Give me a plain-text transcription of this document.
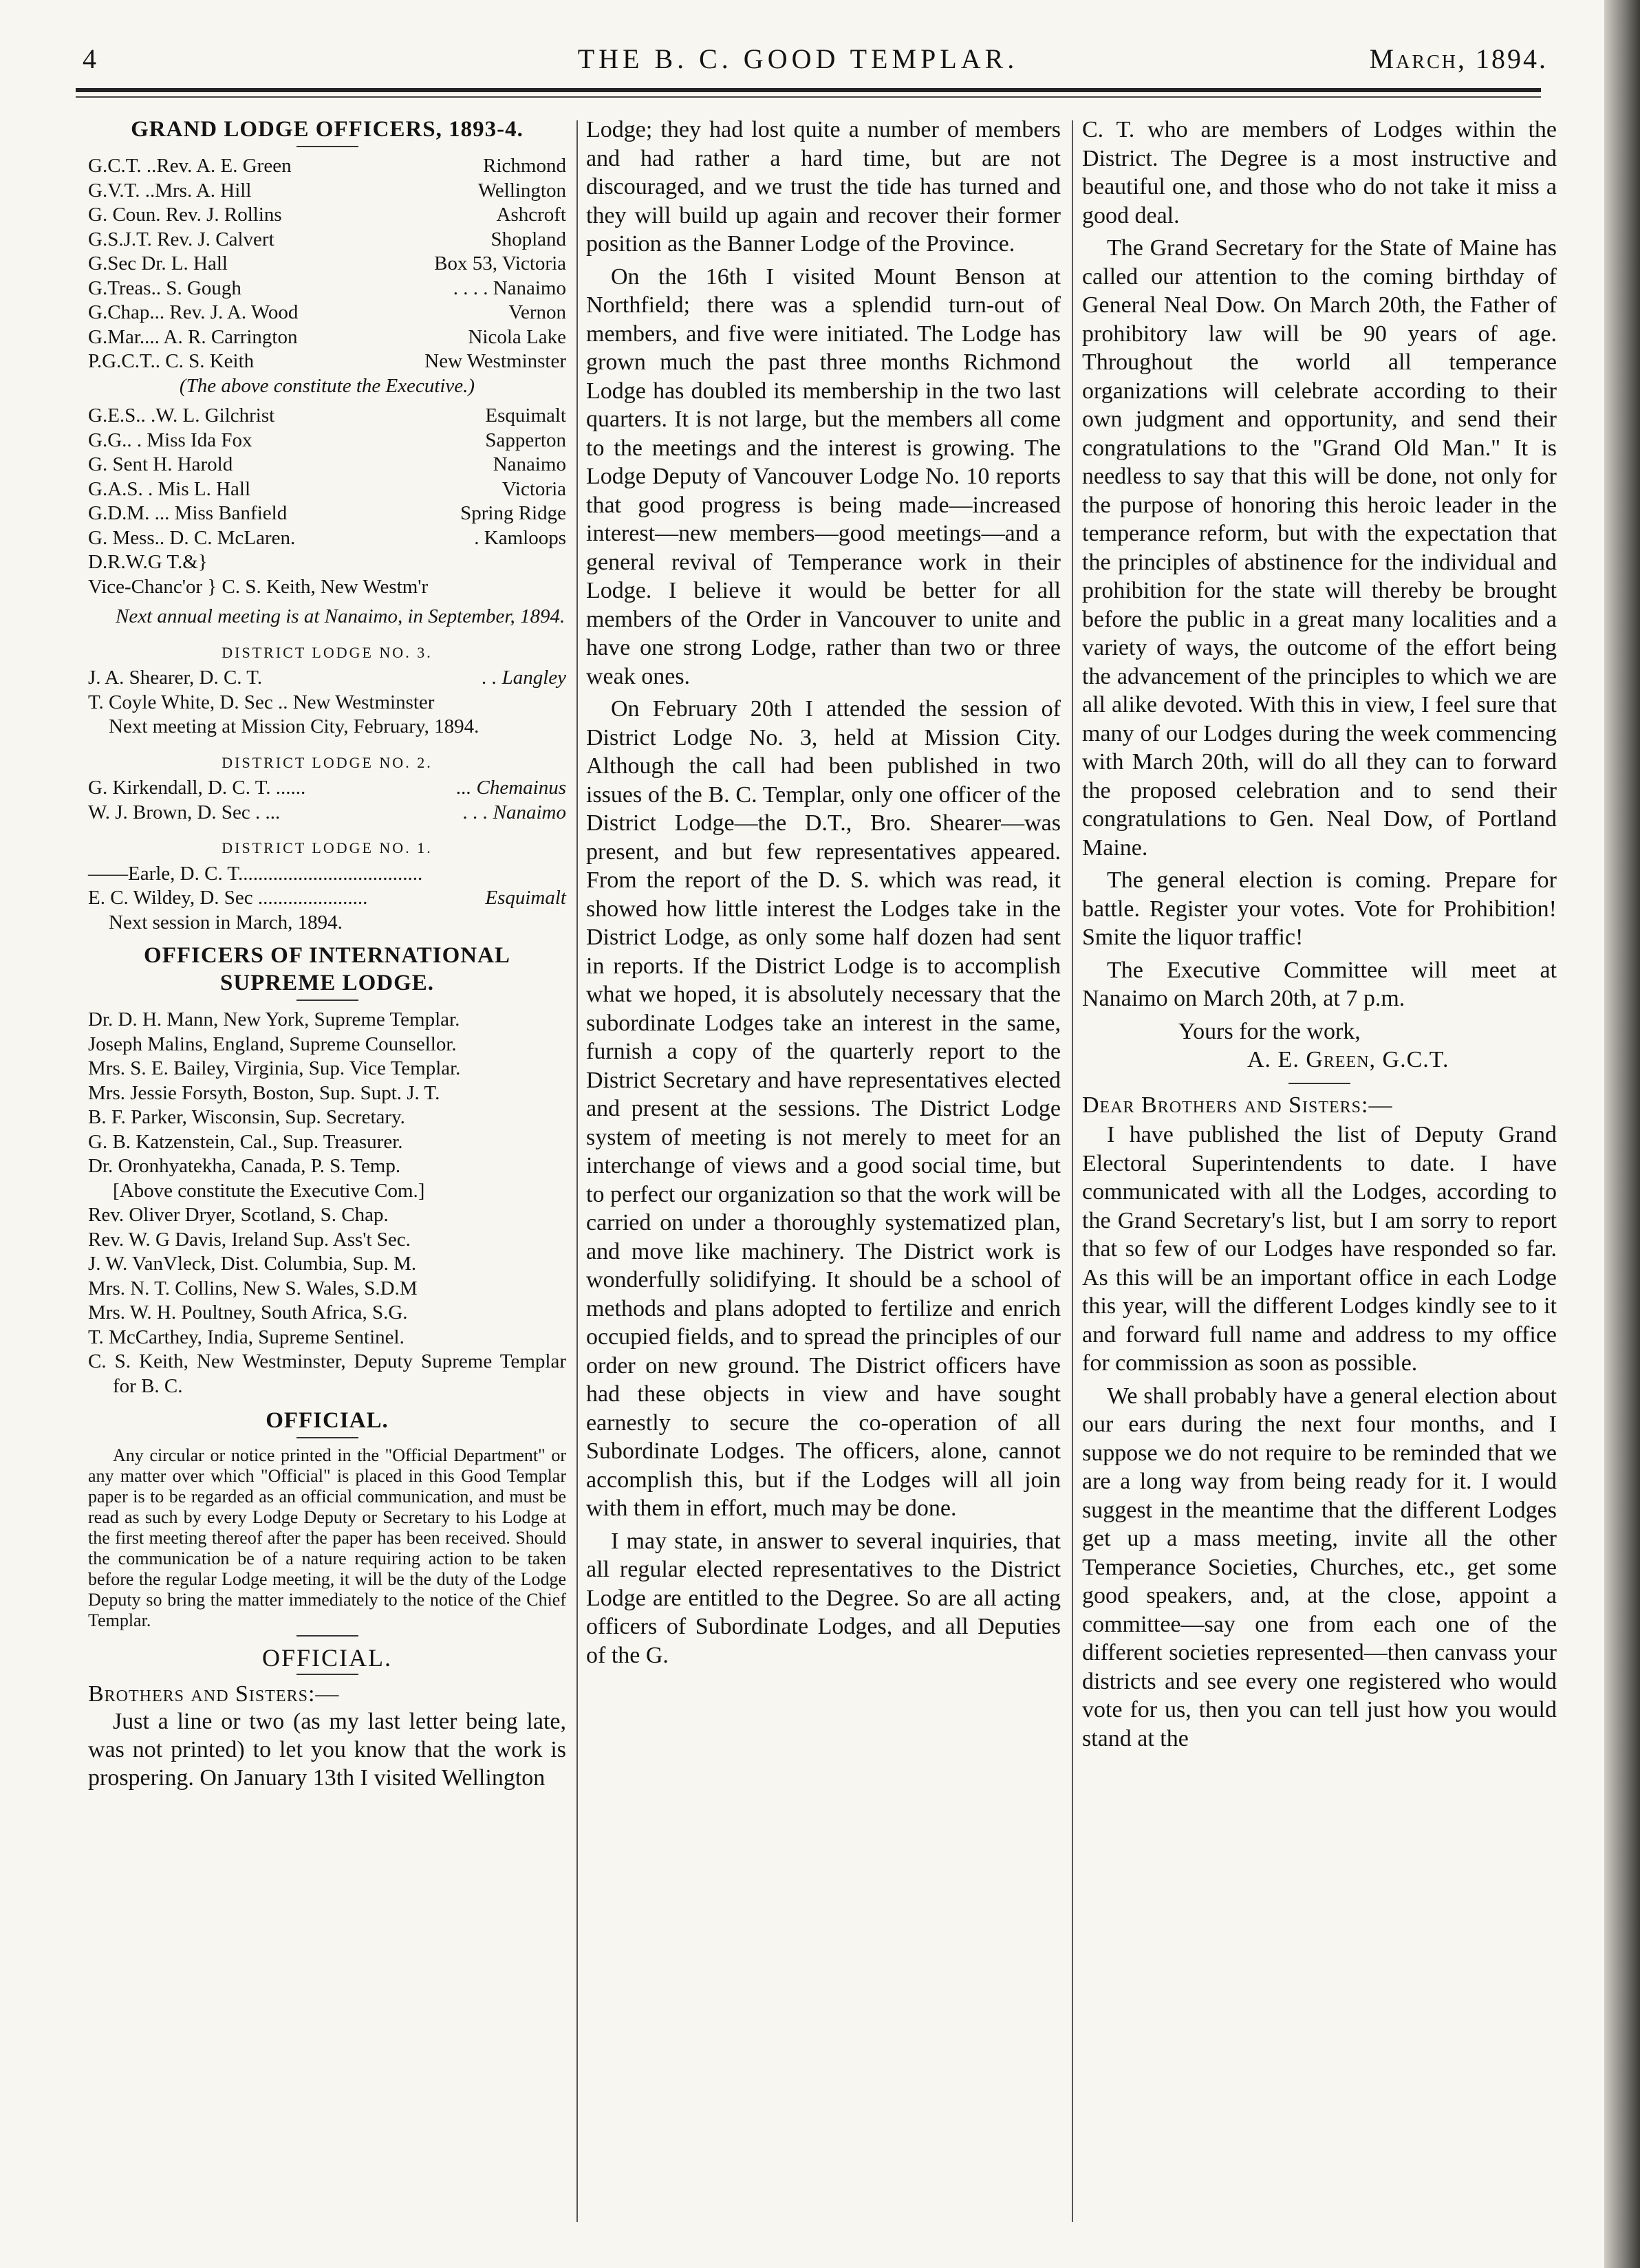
4	THE B. C. GOOD TEMPLAR.	March, 1894.

GRAND LODGE OFFICERS, 1893-4.

G.C.T. ..Rev. A. E. Green	Richmond

G.V.T. ..Mrs. A. Hill	Wellington

G. Coun. Rev. J. Rollins	Ashcroft

G.S.J.T. Rev. J. Calvert	Shopland

G.Sec Dr. L. Hall	Box 53, Victoria

G.Treas.. S. Gough	. . . . Nanaimo

G.Chap... Rev. J. A. Wood	Vernon

G.Mar.... A. R. Carrington	Nicola Lake

P.G.C.T.. C. S. Keith	New Westminster

(The above constitute the Executive.)

G.E.S.. .W. L. Gilchrist	Esquimalt

G.G.. . Miss Ida Fox	Sapperton

G. Sent H. Harold	Nanaimo

G.A.S. . Mis L. Hall	Victoria

G.D.M. ... Miss Banfield	Spring Ridge

G. Mess.. D. C. McLaren.	. Kamloops

D.R.W.G T.&}

Vice-Chanc'or } C. S. Keith, New Westm'r

Next annual meeting is at Nanaimo, in September, 1894.

DISTRICT LODGE NO. 3.

J. A. Shearer, D. C. T.	. . Langley

T. Coyle White, D. Sec .. New Westminster

Next meeting at Mission City, February, 1894.

DISTRICT LODGE NO. 2.

G. Kirkendall, D. C. T. ......	... Chemainus

W. J. Brown, D. Sec . ...	. . . Nanaimo

DISTRICT LODGE NO. 1.

——Earle, D. C. T.....................................

E. C. Wildey, D. Sec ......................	Esquimalt

Next session in March, 1894.

OFFICERS OF INTERNATIONAL

SUPREME LODGE.

Dr. D. H. Mann, New York, Supreme Templar.

Joseph Malins, England, Supreme Counsellor.

Mrs. S. E. Bailey, Virginia, Sup. Vice Templar.

Mrs. Jessie Forsyth, Boston, Sup. Supt. J. T.

B. F. Parker, Wisconsin, Sup. Secretary.

G. B. Katzenstein, Cal., Sup. Treasurer.

Dr. Oronhyatekha, Canada, P. S. Temp.

[Above constitute the Executive Com.]

Rev. Oliver Dryer, Scotland, S. Chap.

Rev. W. G Davis, Ireland Sup. Ass't Sec.

J. W. VanVleck, Dist. Columbia, Sup. M.

Mrs. N. T. Collins, New S. Wales, S.D.M

Mrs. W. H. Poultney, South Africa, S.G.

T. McCarthey, India, Supreme Sentinel.

C. S. Keith, New Westminster, Deputy Supreme Templar for B. C.

OFFICIAL.

Any circular or notice printed in the "Official Department" or any matter over which "Official" is placed in this Good Templar paper is to be regarded as an official communication, and must be read as such by every Lodge Deputy or Secretary to his Lodge at the first meeting thereof after the paper has been received. Should the communication be of a nature requiring action to be taken before the regular Lodge meeting, it will be the duty of the Lodge Deputy so bring the matter immediately to the notice of the Chief Templar.

OFFICIAL.

Brothers and Sisters:—

Just a line or two (as my last letter being late, was not printed) to let you know that the work is prospering. On January 13th I visited Wellington

Lodge; they had lost quite a number of members and had rather a hard time, but are not discouraged, and we trust the tide has turned and they will build up again and recover their former position as the Banner Lodge of the Province.

On the 16th I visited Mount Benson at Northfield; there was a splendid turn-out of members, and five were initiated. The Lodge has grown much the past three months Richmond Lodge has doubled its membership in the two last quarters. It is not large, but the members all come to the meetings and the interest is growing. The Lodge Deputy of Vancouver Lodge No. 10 reports that good progress is being made—increased interest—new members—good meetings—and a general revival of Temperance work in their Lodge. I believe it would be better for all members of the Order in Vancouver to unite and have one strong Lodge, rather than two or three weak ones.

On February 20th I attended the session of District Lodge No. 3, held at Mission City. Although the call had been published in two issues of the B. C. Templar, only one officer of the District Lodge—the D.T., Bro. Shearer—was present, and but few representatives appeared. From the report of the D. S. which was read, it showed how little interest the Lodges take in the District Lodge, as only some half dozen had sent in reports. If the District Lodge is to accomplish what we hoped, it is absolutely necessary that the subordinate Lodges take an interest in the same, furnish a copy of the quarterly report to the District Secretary and have representatives elected and present at the sessions. The District Lodge system of meeting is not merely to meet for an interchange of views and a good social time, but to perfect our organization so that the work will be carried on under a thoroughly systematized plan, and move like machinery. The District work is wonderfully solidifying. It should be a school of methods and plans adopted to fertilize and enrich occupied fields, and to spread the principles of our order on new ground. The District officers have had these objects in view and have sought earnestly to secure the co-operation of all Subordinate Lodges. The officers, alone, cannot accomplish this, but if the Lodges will all join with them in effort, much may be done.

I may state, in answer to several inquiries, that all regular elected representatives to the District Lodge are entitled to the Degree. So are all acting officers of Subordinate Lodges, and all Deputies of the G.

C. T. who are members of Lodges within the District. The Degree is a most instructive and beautiful one, and those who do not take it miss a good deal.

The Grand Secretary for the State of Maine has called our attention to the coming birthday of General Neal Dow. On March 20th, the Father of prohibitory law will be 90 years of age. Throughout the world all temperance organizations will celebrate according to their own judgment and opportunity, and send their congratulations to the "Grand Old Man." It is needless to say that this will be done, not only for the purpose of honoring this heroic leader in the temperance reform, but with the expectation that the principles of abstinence for the individual and prohibition for the state will thereby be brought before the public in a great many localities and a variety of ways, the outcome of the effort being the advancement of the principles to which we are all alike devoted. With this in view, I feel sure that many of our Lodges during the week commencing with March 20th, will do all they can to forward the proposed celebration and to send their congratulations to Gen. Neal Dow, of Portland Maine.

The general election is coming. Prepare for battle. Register your votes. Vote for Prohibition! Smite the liquor traffic!

The Executive Committee will meet at Nanaimo on March 20th, at 7 p.m.

Yours for the work,

A. E. Green, G.C.T.

Dear Brothers and Sisters:—

I have published the list of Deputy Grand Electoral Superintendents to date. I have communicated with all the Lodges, according to the Grand Secretary's list, but I am sorry to report that so few of our Lodges have responded so far. As this will be an important office in each Lodge this year, will the different Lodges kindly see to it and forward full name and address to my office for commission as soon as possible.

We shall probably have a general election about our ears during the next four months, and I suppose we do not require to be reminded that we are a long way from being ready for it. I would suggest in the meantime that the different Lodges get up a mass meeting, invite all the other Temperance Societies, Churches, etc., get some good speakers, and, at the close, appoint a committee—say one from each one of the different societies represented—then canvass your districts and see every one registered who would vote for us, then you can tell just how you would stand at the
